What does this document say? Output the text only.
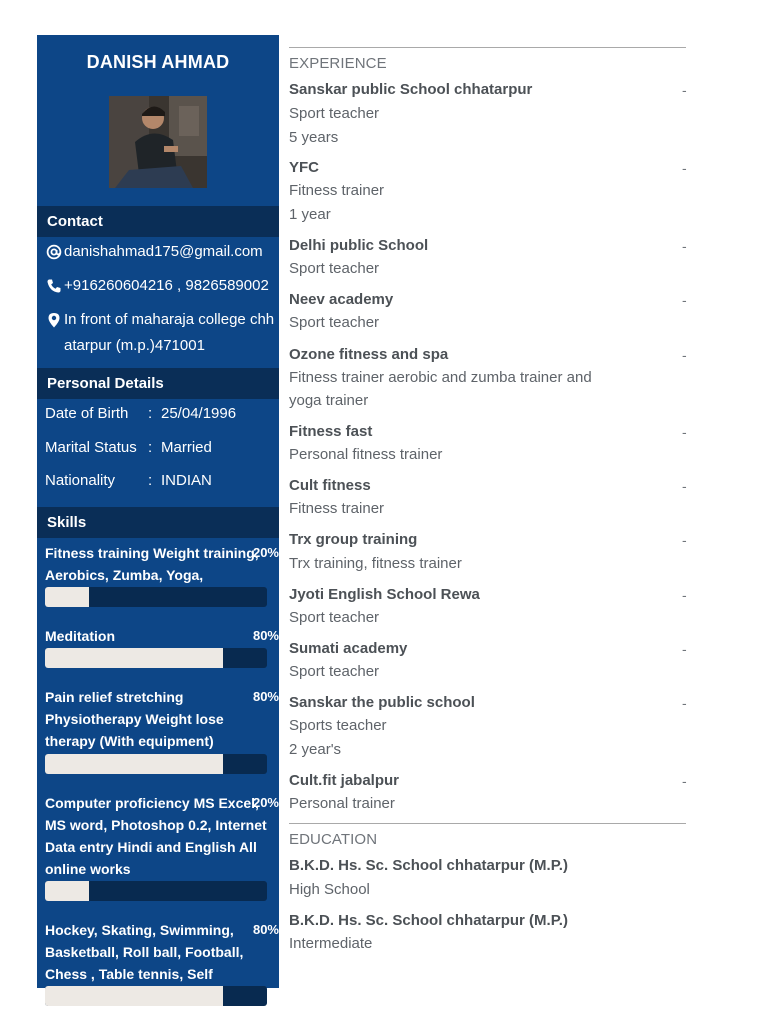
DANISH AHMAD
Contact
danishahmad175@gmail.com
+916260604216 , 9826589002
In front of maharaja college chhatarpur (m.p.)471001
Personal Details
Date of Birth	: 25/04/1996
Marital Status : Married
Nationality	: INDIAN
Skills
Fitness training Weight training, Aerobics, Zumba, Yoga,
20%
Meditation	80%
Pain relief stretching Physiotherapy Weight lose therapy (With equipment)
80%
Computer proficiency MS Excel, MS word, Photoshop 0.2, Internet Data entry Hindi and English All online works
20%
Hockey, Skating, Swimming, Basketball, Roll ball, Football, Chess , Table tennis, Self
80%
EXPERIENCE
Sanskar public School chhatarpur	-
Sport teacher
5 years
YFC	-
Fitness trainer
1 year
Delhi public School	-
Sport teacher
Neev academy	-
Sport teacher
Ozone fitness and spa	-
Fitness trainer aerobic and zumba trainer and
yoga trainer
Fitness fast	-
Personal fitness trainer
Cult fitness	-
Fitness trainer
Trx group training	-
Trx training, fitness trainer
Jyoti English School Rewa	-
Sport teacher
Sumati academy	-
Sport teacher
Sanskar the public school	-
Sports teacher
2 year's
Cult.fit jabalpur	-
Personal trainer
EDUCATION
B.K.D. Hs. Sc. School chhatarpur (M.P.)
High School
B.K.D. Hs. Sc. School chhatarpur (M.P.)
Intermediate
